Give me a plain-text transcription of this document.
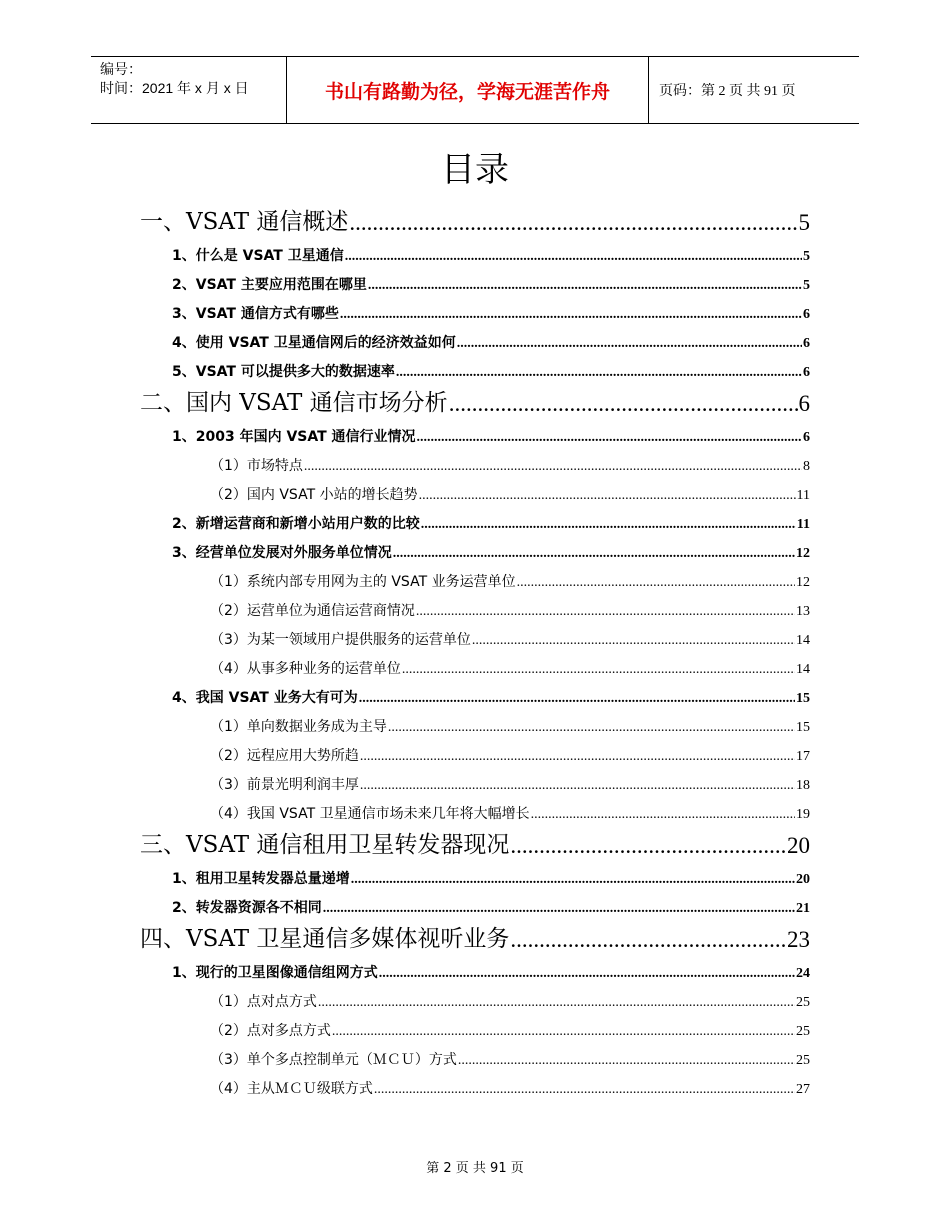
编号：
时间：2021 年 x 月 x 日	书山有路勤为径，学海无涯苦作舟	页码：第 2 页 共 91 页
目录
一、VSAT 通信概述 .....	5
1、什么是 VSAT 卫星通信 .....	5
2、VSAT 主要应用范围在哪里 .....	5
3、VSAT 通信方式有哪些 .....	6
4、使用 VSAT 卫星通信网后的经济效益如何 .....	6
5、VSAT 可以提供多大的数据速率 .....	6
二、国内 VSAT 通信市场分析 .....	6
1、2003 年国内 VSAT 通信行业情况 .....	6
（1）市场特点 .....	8
（2）国内 VSAT 小站的增长趋势 .....	11
2、新增运营商和新增小站用户数的比较 .....	11
3、经营单位发展对外服务单位情况 .....	12
（1）系统内部专用网为主的 VSAT 业务运营单位 .....	12
（2）运营单位为通信运营商情况 .....	13
（3）为某一领域用户提供服务的运营单位 .....	14
（4）从事多种业务的运营单位 .....	14
4、我国 VSAT 业务大有可为 .....	15
（1）单向数据业务成为主导 .....	15
（2）远程应用大势所趋 .....	17
（3）前景光明利润丰厚 .....	18
（4）我国 VSAT 卫星通信市场未来几年将大幅增长 .....	19
三、VSAT 通信租用卫星转发器现况 .....	20
1、租用卫星转发器总量递增 .....	20
2、转发器资源各不相同 .....	21
四、VSAT 卫星通信多媒体视听业务 .....	23
1、现行的卫星图像通信组网方式 .....	24
（1）点对点方式 .....	25
（2）点对多点方式 .....	25
（3）单个多点控制单元（ＭＣＵ）方式 .....	25
（4）主从ＭＣＵ级联方式 .....	27
第 2 页 共 91 页
